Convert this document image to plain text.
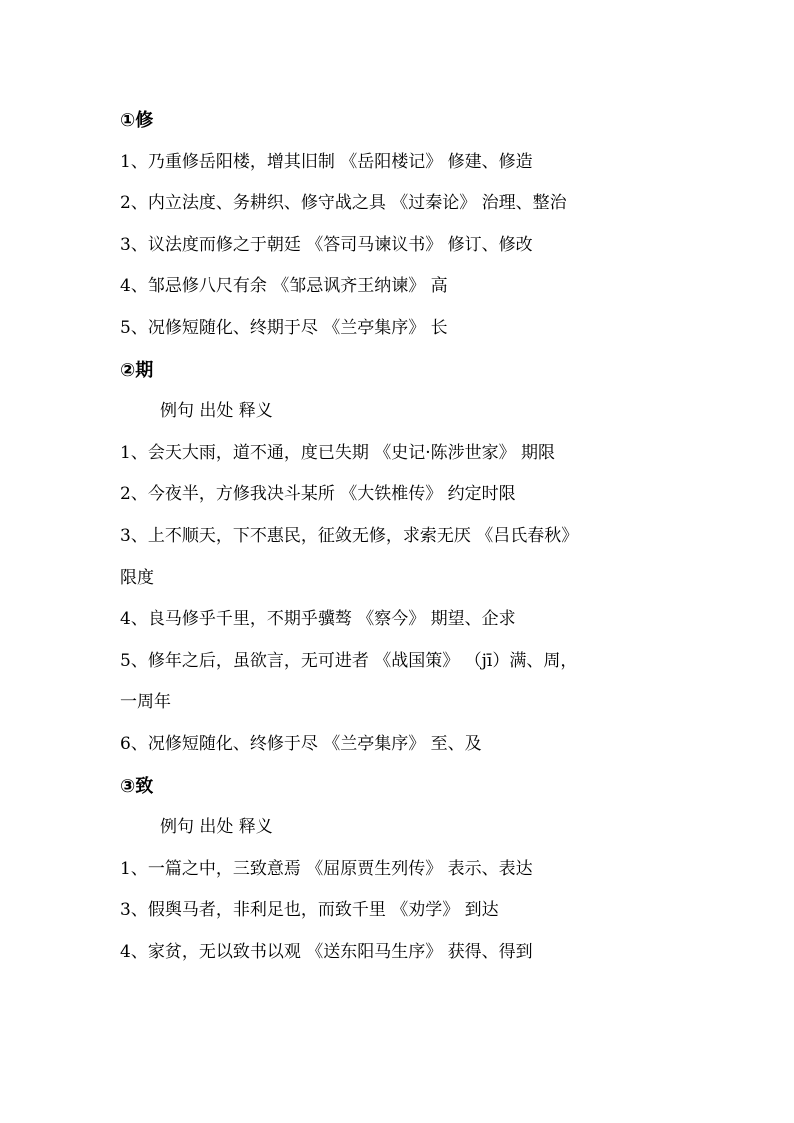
①修
1、乃重修岳阳楼，增其旧制 《岳阳楼记》 修建、修造
2、内立法度、务耕织、修守战之具 《过秦论》 治理、整治
3、议法度而修之于朝廷 《答司马谏议书》 修订、修改
4、邹忌修八尺有余 《邹忌讽齐王纳谏》 高
5、况修短随化、终期于尽 《兰亭集序》 长
②期
例句 出处 释义
1、会天大雨，道不通，度已失期 《史记·陈涉世家》 期限
2、今夜半，方修我决斗某所 《大铁椎传》 约定时限
3、上不顺天，下不惠民，征敛无修，求索无厌 《吕氏春秋》
限度
4、良马修乎千里，不期乎骥骜 《察今》 期望、企求
5、修年之后，虽欲言，无可进者 《战国策》 （jī）满、周，
一周年
6、况修短随化、终修于尽 《兰亭集序》 至、及
③致
例句 出处 释义
1、一篇之中，三致意焉 《屈原贾生列传》 表示、表达
3、假舆马者，非利足也，而致千里 《劝学》 到达
4、家贫，无以致书以观 《送东阳马生序》 获得、得到
